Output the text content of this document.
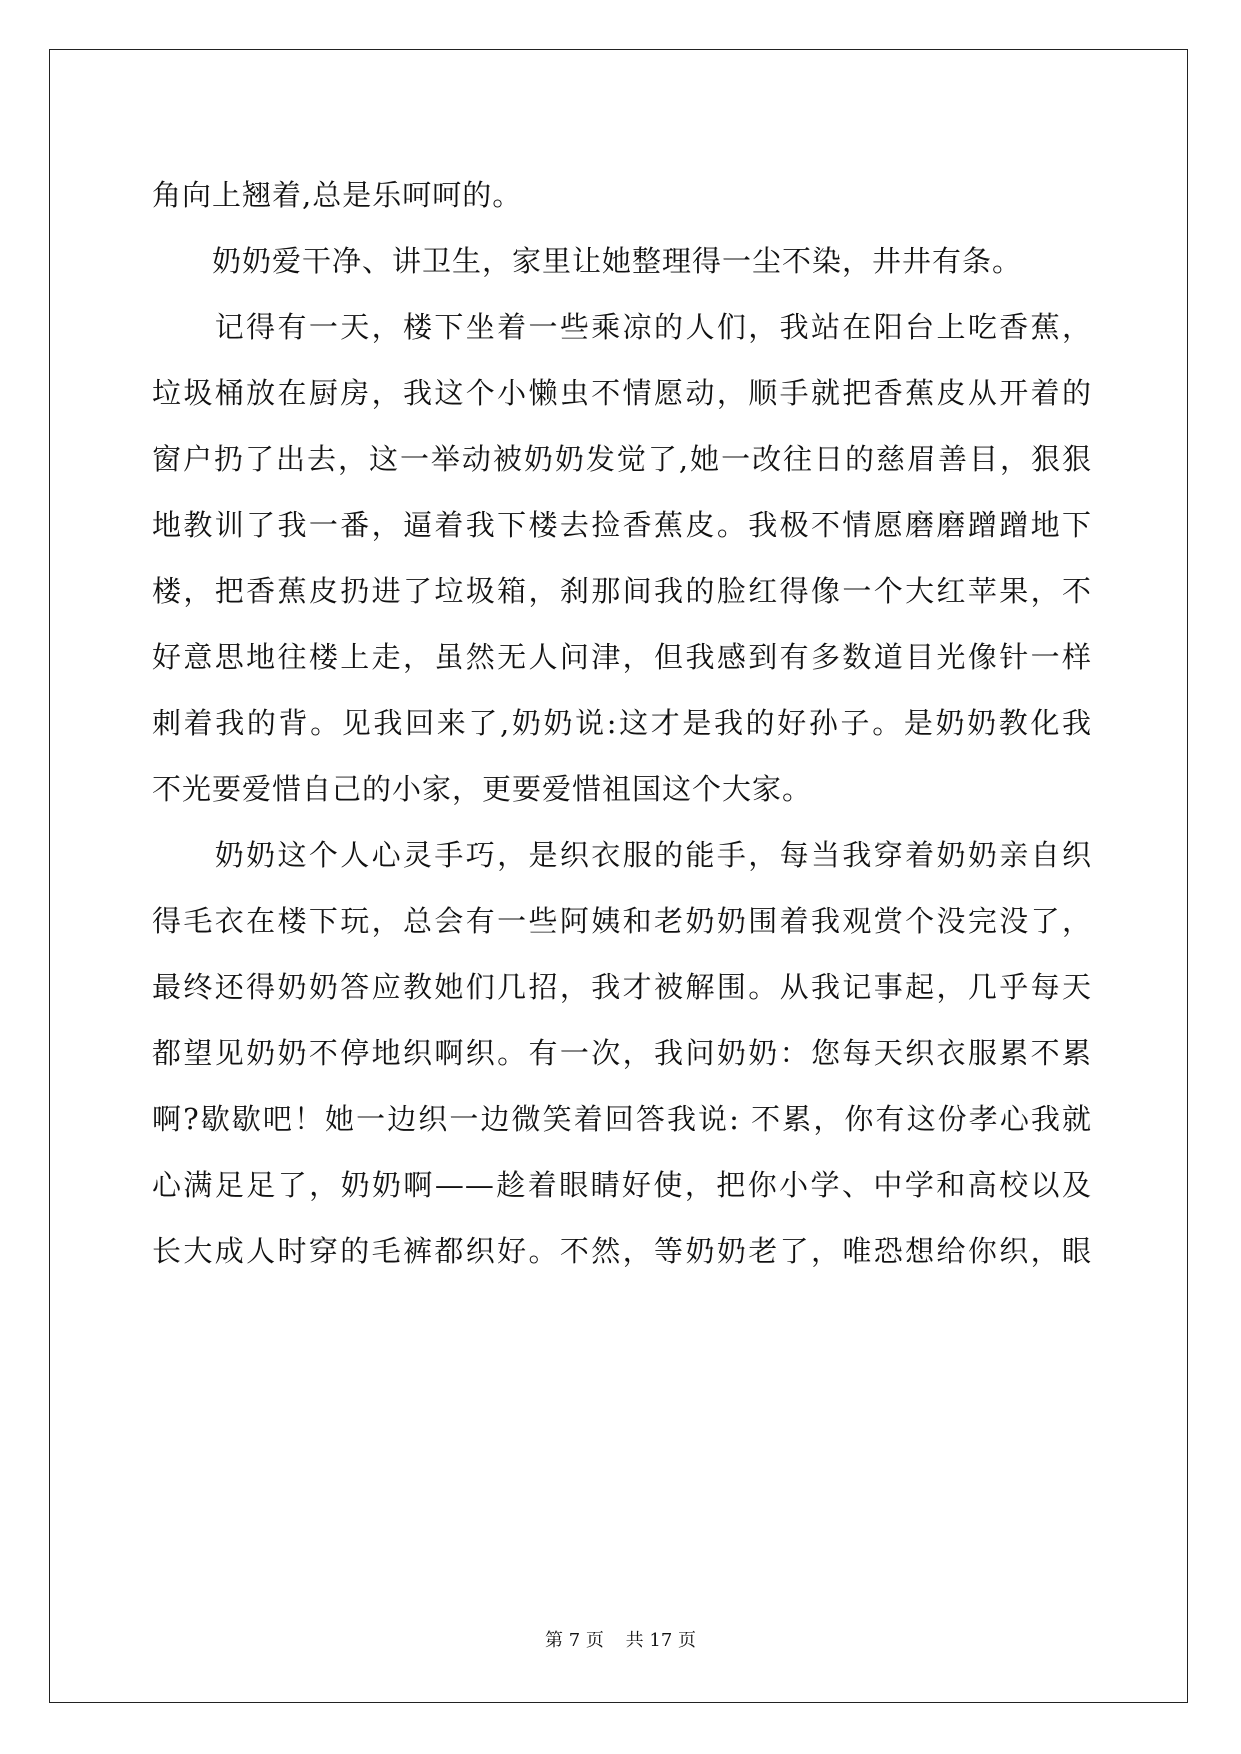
角向上翘着,总是乐呵呵的。
　　奶奶爱干净、讲卫生，家里让她整理得一尘不染，井井有条。
　　记得有一天，楼下坐着一些乘凉的人们，我站在阳台上吃香蕉，
垃圾桶放在厨房，我这个小懒虫不情愿动，顺手就把香蕉皮从开着的
窗户扔了出去，这一举动被奶奶发觉了,她一改往日的慈眉善目，狠狠
地教训了我一番，逼着我下楼去捡香蕉皮。我极不情愿磨磨蹭蹭地下
楼，把香蕉皮扔进了垃圾箱，刹那间我的脸红得像一个大红苹果，不
好意思地往楼上走，虽然无人问津，但我感到有多数道目光像针一样
刺着我的背。见我回来了,奶奶说:这才是我的好孙子。是奶奶教化我
不光要爱惜自己的小家，更要爱惜祖国这个大家。
　　奶奶这个人心灵手巧，是织衣服的能手，每当我穿着奶奶亲自织
得毛衣在楼下玩，总会有一些阿姨和老奶奶围着我观赏个没完没了，
最终还得奶奶答应教她们几招，我才被解围。从我记事起，几乎每天
都望见奶奶不停地织啊织。有一次，我问奶奶：您每天织衣服累不累
啊?歇歇吧！她一边织一边微笑着回答我说: 不累，你有这份孝心我就
心满足足了，奶奶啊——趁着眼睛好使，把你小学、中学和高校以及
长大成人时穿的毛裤都织好。不然，等奶奶老了，唯恐想给你织，眼
第 7 页 共 17 页
